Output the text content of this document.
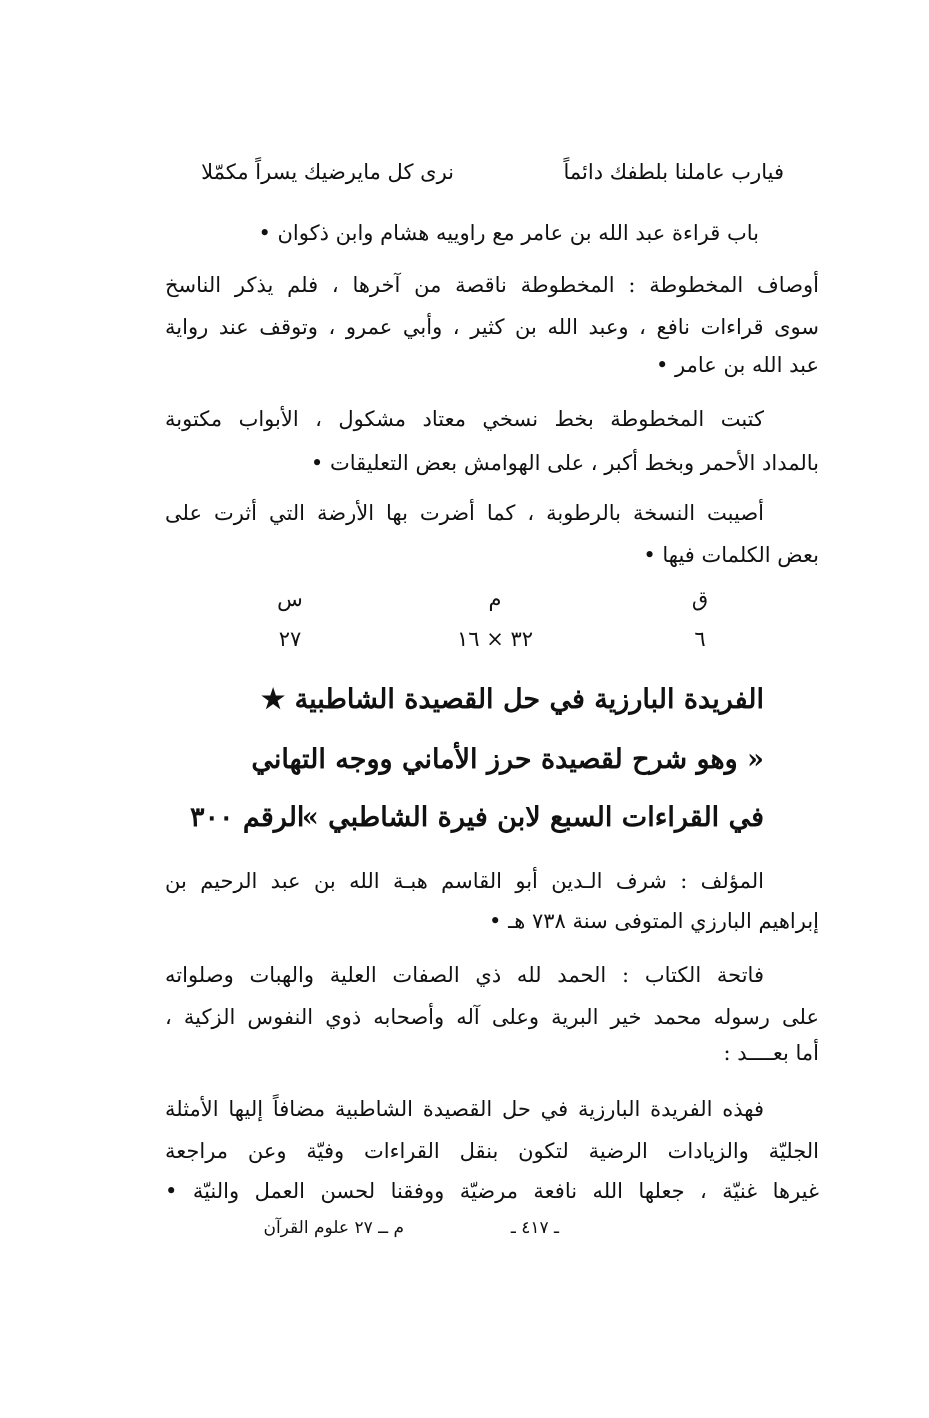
فيارب عاملنا بلطفك دائماً
نرى كل مايرضيك يسراً مكمّلا
باب قراءة عبد الله بن عامر مع راوييه هشام وابن ذكوان •
أوصاف المخطوطة : المخطوطة ناقصة من آخرها ، فلم يذكر الناسخ
سوى قراءات نافع ، وعبد الله بن كثير ، وأبي عمرو ، وتوقف عند رواية
عبد الله بن عامر •
كتبت المخطوطة بخط نسخي معتاد مشكول ، الأبواب مكتوبة
بالمداد الأحمر وبخط أكبر ، على الهوامش بعض التعليقات •
أصيبت النسخة بالرطوبة ، كما أضرت بها الأرضة التي أثرت على
بعض الكلمات فيها •
ق
م
س
٦
٣٢ × ١٦
٢٧
الفريدة البارزية في حل القصيدة الشاطبية ★
« وهو شرح لقصيدة حرز الأماني ووجه التهاني
في القراءات السبع لابن فيرة الشاطبي »
الرقم ٣٠٠
المؤلف : شرف الـدين أبو القاسم هبـة الله بن عبد الرحيم بن
إبراهيم البارزي المتوفى سنة ٧٣٨ هـ •
فاتحة الكتاب : الحمد لله ذي الصفات العلية والهبات وصلواته
على رسوله محمد خير البرية وعلى آله وأصحابه ذوي النفوس الزكية ،
أما بعــــد :
فهذه الفريدة البارزية في حل القصيدة الشاطبية مضافاً إليها الأمثلة
الجليّة والزيادات الرضية لتكون بنقل القراءات وفيّة وعن مراجعة
غيرها غنيّة ، جعلها الله نافعة مرضيّة ووفقنا لحسن العمل والنيّة •
ـ ٤١٧ ـ
م ــ ٢٧ علوم القرآن
